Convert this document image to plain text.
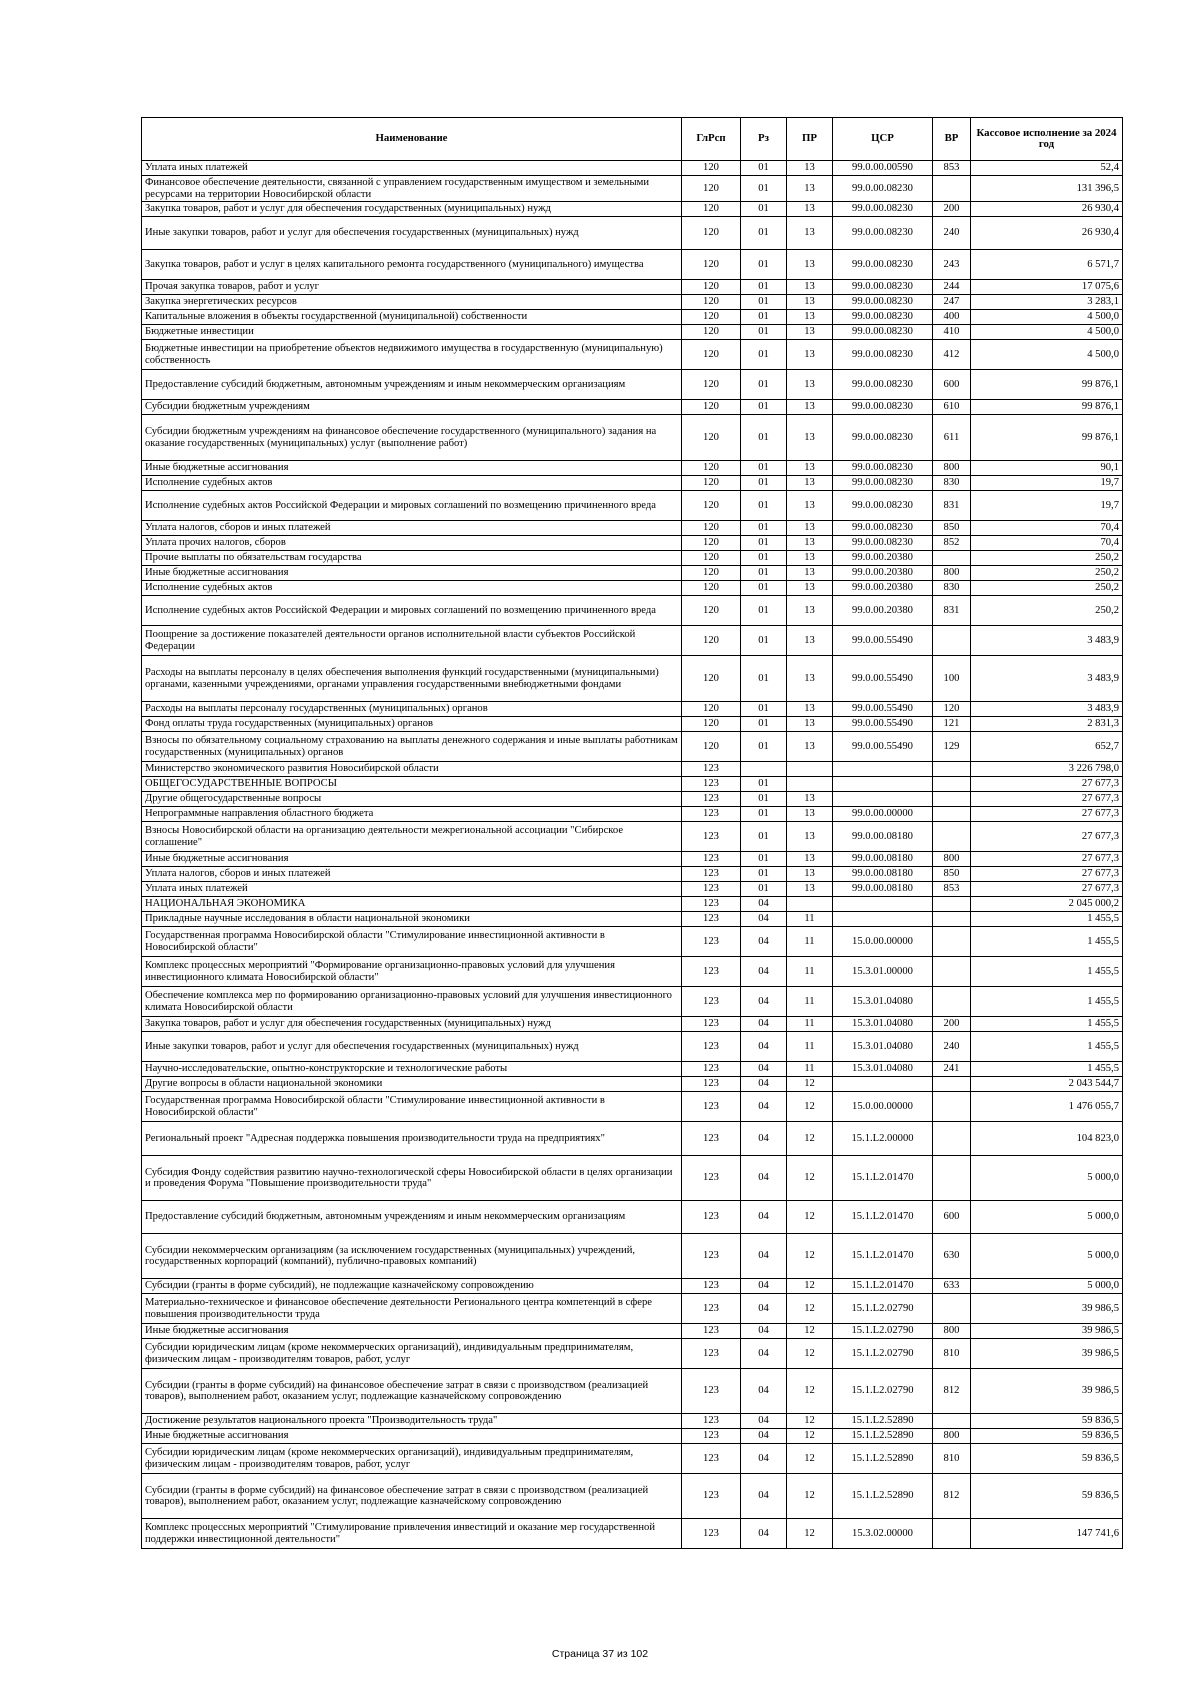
Наименование	ГлРсп	Рз	ПР	ЦСР	ВР	Кассовое исполнение за 2024 год
Уплата иных платежей	120	01	13	99.0.00.00590	853	52,4
Финансовое обеспечение деятельности, связанной с управлением государственным имуществом и земельными ресурсами на территории Новосибирской области	120	01	13	99.0.00.08230		131 396,5
Закупка товаров, работ и услуг для обеспечения государственных (муниципальных) нужд	120	01	13	99.0.00.08230	200	26 930,4
Иные закупки товаров, работ и услуг для обеспечения государственных (муниципальных) нужд	120	01	13	99.0.00.08230	240	26 930,4
Закупка товаров, работ и услуг в целях капитального ремонта государственного (муниципального) имущества	120	01	13	99.0.00.08230	243	6 571,7
Прочая закупка товаров, работ и услуг	120	01	13	99.0.00.08230	244	17 075,6
Закупка энергетических ресурсов	120	01	13	99.0.00.08230	247	3 283,1
Капитальные вложения в объекты государственной (муниципальной) собственности	120	01	13	99.0.00.08230	400	4 500,0
Бюджетные инвестиции	120	01	13	99.0.00.08230	410	4 500,0
Бюджетные инвестиции на приобретение объектов недвижимого имущества в государственную (муниципальную) собственность	120	01	13	99.0.00.08230	412	4 500,0
Предоставление субсидий бюджетным, автономным учреждениям и иным некоммерческим организациям	120	01	13	99.0.00.08230	600	99 876,1
Субсидии бюджетным учреждениям	120	01	13	99.0.00.08230	610	99 876,1
Субсидии бюджетным учреждениям на финансовое обеспечение государственного (муниципального) задания на оказание государственных (муниципальных) услуг (выполнение работ)	120	01	13	99.0.00.08230	611	99 876,1
Иные бюджетные ассигнования	120	01	13	99.0.00.08230	800	90,1
Исполнение судебных актов	120	01	13	99.0.00.08230	830	19,7
Исполнение судебных актов Российской Федерации и мировых соглашений по возмещению причиненного вреда	120	01	13	99.0.00.08230	831	19,7
Уплата налогов, сборов и иных платежей	120	01	13	99.0.00.08230	850	70,4
Уплата прочих налогов, сборов	120	01	13	99.0.00.08230	852	70,4
Прочие выплаты по обязательствам государства	120	01	13	99.0.00.20380		250,2
Иные бюджетные ассигнования	120	01	13	99.0.00.20380	800	250,2
Исполнение судебных актов	120	01	13	99.0.00.20380	830	250,2
Исполнение судебных актов Российской Федерации и мировых соглашений по возмещению причиненного вреда	120	01	13	99.0.00.20380	831	250,2
Поощрение за достижение показателей деятельности органов исполнительной власти субъектов Российской Федерации	120	01	13	99.0.00.55490		3 483,9
Расходы на выплаты персоналу в целях обеспечения выполнения функций государственными (муниципальными) органами, казенными учреждениями, органами управления государственными внебюджетными фондами	120	01	13	99.0.00.55490	100	3 483,9
Расходы на выплаты персоналу государственных (муниципальных) органов	120	01	13	99.0.00.55490	120	3 483,9
Фонд оплаты труда государственных (муниципальных) органов	120	01	13	99.0.00.55490	121	2 831,3
Взносы по обязательному социальному страхованию на выплаты денежного содержания и иные выплаты работникам государственных (муниципальных) органов	120	01	13	99.0.00.55490	129	652,7
Министерство экономического развития Новосибирской области	123					3 226 798,0
ОБЩЕГОСУДАРСТВЕННЫЕ ВОПРОСЫ	123	01				27 677,3
Другие общегосударственные вопросы	123	01	13			27 677,3
Непрограммные направления областного бюджета	123	01	13	99.0.00.00000		27 677,3
Взносы Новосибирской области на организацию деятельности межрегиональной ассоциации "Сибирское соглашение"	123	01	13	99.0.00.08180		27 677,3
Иные бюджетные ассигнования	123	01	13	99.0.00.08180	800	27 677,3
Уплата налогов, сборов и иных платежей	123	01	13	99.0.00.08180	850	27 677,3
Уплата иных платежей	123	01	13	99.0.00.08180	853	27 677,3
НАЦИОНАЛЬНАЯ ЭКОНОМИКА	123	04				2 045 000,2
Прикладные научные исследования в области национальной экономики	123	04	11			1 455,5
Государственная программа Новосибирской области "Стимулирование инвестиционной активности в Новосибирской области"	123	04	11	15.0.00.00000		1 455,5
Комплекс процессных мероприятий "Формирование организационно-правовых условий для улучшения инвестиционного климата Новосибирской области"	123	04	11	15.3.01.00000		1 455,5
Обеспечение комплекса мер по формированию организационно-правовых условий для улучшения инвестиционного климата Новосибирской области	123	04	11	15.3.01.04080		1 455,5
Закупка товаров, работ и услуг для обеспечения государственных (муниципальных) нужд	123	04	11	15.3.01.04080	200	1 455,5
Иные закупки товаров, работ и услуг для обеспечения государственных (муниципальных) нужд	123	04	11	15.3.01.04080	240	1 455,5
Научно-исследовательские, опытно-конструкторские и технологические работы	123	04	11	15.3.01.04080	241	1 455,5
Другие вопросы в области национальной экономики	123	04	12			2 043 544,7
Государственная программа Новосибирской области "Стимулирование инвестиционной активности в Новосибирской области"	123	04	12	15.0.00.00000		1 476 055,7
Региональный проект "Адресная поддержка повышения производительности труда на предприятиях"	123	04	12	15.1.L2.00000		104 823,0
Субсидия Фонду содействия развитию научно-технологической сферы Новосибирской области в целях организации и проведения Форума "Повышение производительности труда"	123	04	12	15.1.L2.01470		5 000,0
Предоставление субсидий бюджетным, автономным учреждениям и иным некоммерческим организациям	123	04	12	15.1.L2.01470	600	5 000,0
Субсидии некоммерческим организациям (за исключением государственных (муниципальных) учреждений, государственных корпораций (компаний), публично-правовых компаний)	123	04	12	15.1.L2.01470	630	5 000,0
Субсидии (гранты в форме субсидий), не подлежащие казначейскому сопровождению	123	04	12	15.1.L2.01470	633	5 000,0
Материально-техническое и финансовое обеспечение деятельности Регионального центра компетенций в сфере повышения производительности труда	123	04	12	15.1.L2.02790		39 986,5
Иные бюджетные ассигнования	123	04	12	15.1.L2.02790	800	39 986,5
Субсидии юридическим лицам (кроме некоммерческих организаций), индивидуальным предпринимателям, физическим лицам - производителям товаров, работ, услуг	123	04	12	15.1.L2.02790	810	39 986,5
Субсидии (гранты в форме субсидий) на финансовое обеспечение затрат в связи с производством (реализацией товаров), выполнением работ, оказанием услуг, подлежащие казначейскому сопровождению	123	04	12	15.1.L2.02790	812	39 986,5
Достижение результатов национального проекта "Производительность труда"	123	04	12	15.1.L2.52890		59 836,5
Иные бюджетные ассигнования	123	04	12	15.1.L2.52890	800	59 836,5
Субсидии юридическим лицам (кроме некоммерческих организаций), индивидуальным предпринимателям, физическим лицам - производителям товаров, работ, услуг	123	04	12	15.1.L2.52890	810	59 836,5
Субсидии (гранты в форме субсидий) на финансовое обеспечение затрат в связи с производством (реализацией товаров), выполнением работ, оказанием услуг, подлежащие казначейскому сопровождению	123	04	12	15.1.L2.52890	812	59 836,5
Комплекс процессных мероприятий "Стимулирование привлечения инвестиций и оказание мер государственной поддержки инвестиционной деятельности"	123	04	12	15.3.02.00000		147 741,6
Страница 37 из 102
